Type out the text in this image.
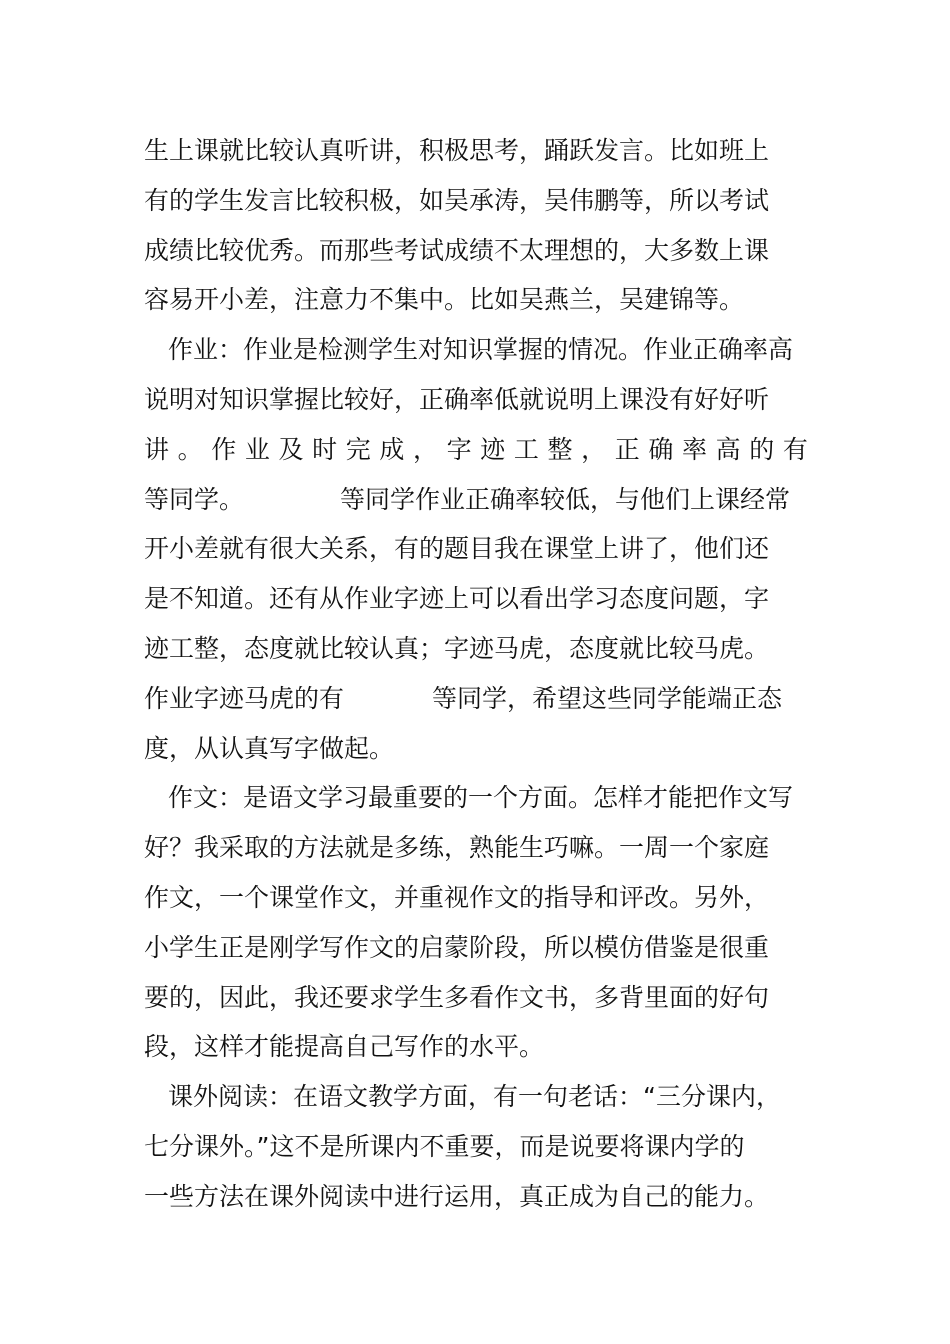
生上课就比较认真听讲，积极思考，踊跃发言。比如班上
有的学生发言比较积极，如吴承涛，吴伟鹏等，所以考试
成绩比较优秀。而那些考试成绩不太理想的，大多数上课
容易开小差，注意力不集中。比如吴燕兰，吴建锦等。
作业：作业是检测学生对知识掌握的情况。作业正确率高
说明对知识掌握比较好，正确率低就说明上课没有好好听
讲 。 作 业 及 时 完 成 ， 字 迹 工 整 ， 正 确 率 高 的 有
等同学。	等同学作业正确率较低，与他们上课经常
开小差就有很大关系，有的题目我在课堂上讲了，他们还
是不知道。还有从作业字迹上可以看出学习态度问题，字
迹工整，态度就比较认真；字迹马虎，态度就比较马虎。
作业字迹马虎的有	等同学，希望这些同学能端正态
度，从认真写字做起。
作文：是语文学习最重要的一个方面。怎样才能把作文写
好？我采取的方法就是多练，熟能生巧嘛。一周一个家庭
作文，一个课堂作文，并重视作文的指导和评改。另外，
小学生正是刚学写作文的启蒙阶段，所以模仿借鉴是很重
要的，因此，我还要求学生多看作文书，多背里面的好句
段，这样才能提高自己写作的水平。
课外阅读：在语文教学方面，有一句老话：“三分课内，
七分课外。”这不是所课内不重要，而是说要将课内学的
一些方法在课外阅读中进行运用，真正成为自己的能力。
